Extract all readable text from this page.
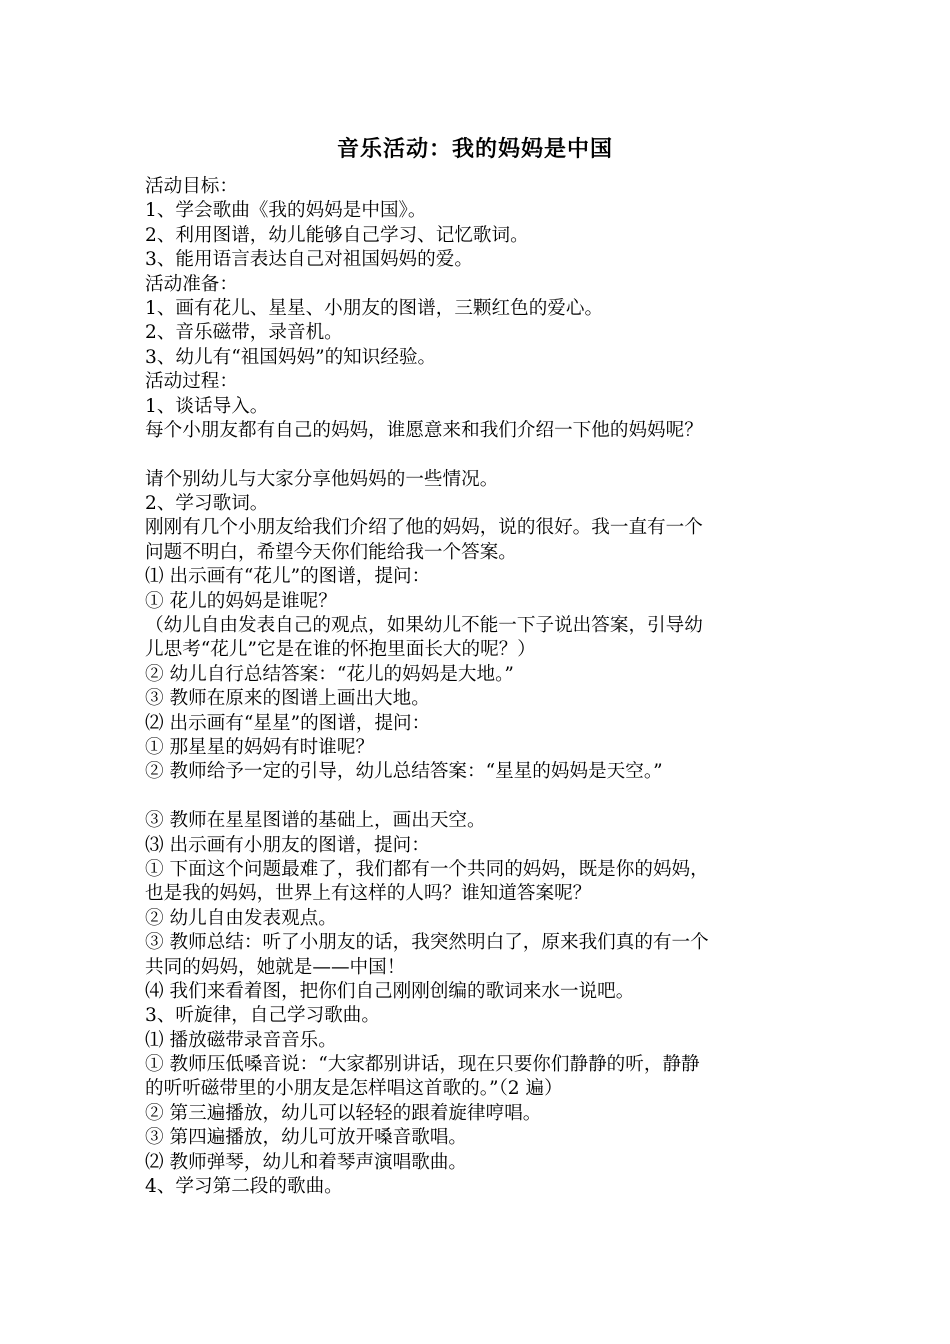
音乐活动：我的妈妈是中国
活动目标：
1、学会歌曲《我的妈妈是中国》。
2、利用图谱，幼儿能够自己学习、记忆歌词。
3、能用语言表达自己对祖国妈妈的爱。
活动准备：
1、画有花儿、星星、小朋友的图谱，三颗红色的爱心。
2、音乐磁带，录音机。
3、幼儿有“祖国妈妈”的知识经验。
活动过程：
1、谈话导入。
每个小朋友都有自己的妈妈，谁愿意来和我们介绍一下他的妈妈呢？
请个别幼儿与大家分享他妈妈的一些情况。
2、学习歌词。
刚刚有几个小朋友给我们介绍了他的妈妈，说的很好。我一直有一个
问题不明白，希望今天你们能给我一个答案。
⑴ 出示画有“花儿”的图谱，提问：
① 花儿的妈妈是谁呢？
（幼儿自由发表自己的观点，如果幼儿不能一下子说出答案，引导幼
儿思考“花儿”它是在谁的怀抱里面长大的呢？）
② 幼儿自行总结答案：“花儿的妈妈是大地。”
③ 教师在原来的图谱上画出大地。
⑵ 出示画有“星星”的图谱，提问：
① 那星星的妈妈有时谁呢？
② 教师给予一定的引导，幼儿总结答案：“星星的妈妈是天空。”
③ 教师在星星图谱的基础上，画出天空。
⑶ 出示画有小朋友的图谱，提问：
① 下面这个问题最难了，我们都有一个共同的妈妈，既是你的妈妈，
也是我的妈妈，世界上有这样的人吗？谁知道答案呢？
② 幼儿自由发表观点。
③ 教师总结：听了小朋友的话，我突然明白了，原来我们真的有一个
共同的妈妈，她就是——中国！
⑷ 我们来看着图，把你们自己刚刚创编的歌词来水一说吧。
3、听旋律，自己学习歌曲。
⑴ 播放磁带录音音乐。
① 教师压低嗓音说：“大家都别讲话，现在只要你们静静的听，静静
的听听磁带里的小朋友是怎样唱这首歌的。”（2 遍）
② 第三遍播放，幼儿可以轻轻的跟着旋律哼唱。
③ 第四遍播放，幼儿可放开嗓音歌唱。
⑵ 教师弹琴，幼儿和着琴声演唱歌曲。
4、学习第二段的歌曲。
